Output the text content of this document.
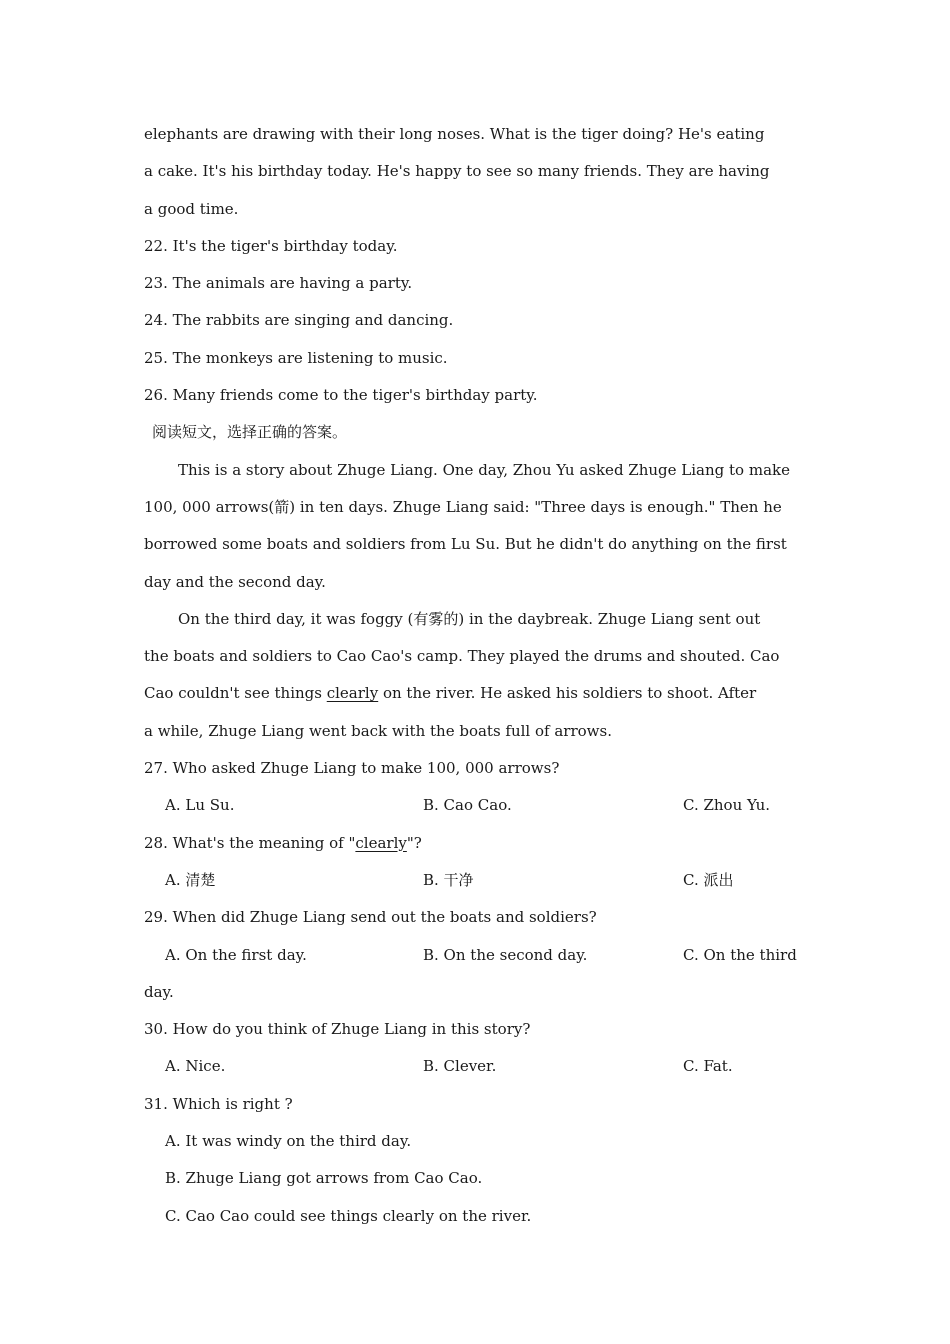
elephants are drawing with their long noses. What is the tiger doing? He's eating
a cake. It's his birthday today. He's happy to see so many friends. They are having
a good time.
22. It's the tiger's birthday today.
23. The animals are having a party.
24. The rabbits are singing and dancing.
25. The monkeys are listening to music.
26. Many friends come to the tiger's birthday party.
阅读短文，选择正确的答案。
This is a story about Zhuge Liang. One day, Zhou Yu asked Zhuge Liang to make
100, 000 arrows(箭) in ten days. Zhuge Liang said: "Three days is enough." Then he
borrowed some boats and soldiers from Lu Su. But he didn't do anything on the first
day and the second day.
On the third day, it was foggy (有雾的) in the daybreak. Zhuge Liang sent out
the boats and soldiers to Cao Cao's camp. They played the drums and shouted. Cao
Cao couldn't see things clearly on the river. He asked his soldiers to shoot. After
a while, Zhuge Liang went back with the boats full of arrows.
27. Who asked Zhuge Liang to make 100, 000 arrows?
A. Lu Su.	B. Cao Cao.	C. Zhou Yu.
28. What's the meaning of "clearly"?
A. 清楚	B. 干净	C. 派出
29. When did Zhuge Liang send out the boats and soldiers?
A. On the first day.	B. On the second day.	C. On the third
day.
30. How do you think of Zhuge Liang in this story?
A. Nice.	B. Clever.	C. Fat.
31. Which is right ?
A. It was windy on the third day.
B. Zhuge Liang got arrows from Cao Cao.
C. Cao Cao could see things clearly on the river.
